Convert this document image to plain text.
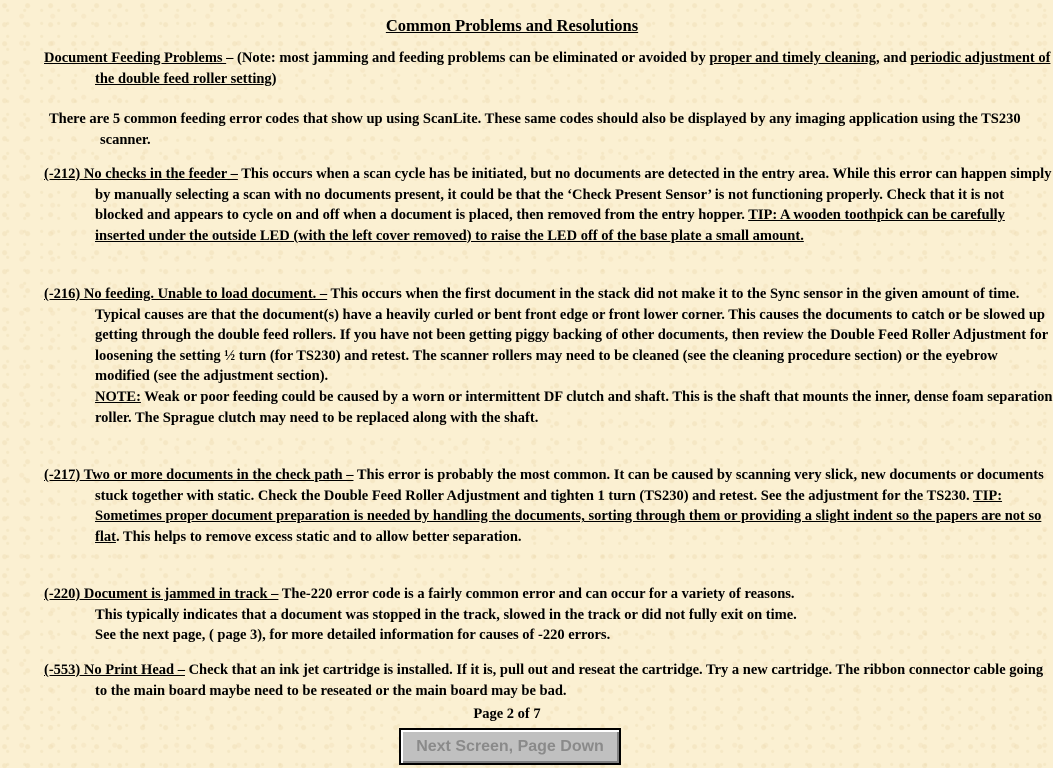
Common Problems and Resolutions
Document Feeding Problems – (Note: most jamming and feeding problems can be eliminated or avoided by proper and timely cleaning, and periodic adjustment of the double feed roller setting)
There are 5 common feeding error codes that show up using ScanLite. These same codes should also be displayed by any imaging application using the TS230 scanner.
(-212) No checks in the feeder – This occurs when a scan cycle has be initiated, but no documents are detected in the entry area. While this error can happen simply by manually selecting a scan with no documents present, it could be that the ‘Check Present Sensor’ is not functioning properly. Check that it is not blocked and appears to cycle on and off when a document is placed, then removed from the entry hopper. TIP: A wooden toothpick can be carefully inserted under the outside LED (with the left cover removed) to raise the LED off of the base plate a small amount.
(-216) No feeding. Unable to load document. – This occurs when the first document in the stack did not make it to the Sync sensor in the given amount of time. Typical causes are that the document(s) have a heavily curled or bent front edge or front lower corner. This causes the documents to catch or be slowed up getting through the double feed rollers. If you have not been getting piggy backing of other documents, then review the Double Feed Roller Adjustment for loosening the setting ½ turn (for TS230) and retest. The scanner rollers may need to be cleaned (see the cleaning procedure section) or the eyebrow modified (see the adjustment section).
NOTE: Weak or poor feeding could be caused by a worn or intermittent DF clutch and shaft. This is the shaft that mounts the inner, dense foam separation roller. The Sprague clutch may need to be replaced along with the shaft.
(-217) Two or more documents in the check path – This error is probably the most common. It can be caused by scanning very slick, new documents or documents stuck together with static. Check the Double Feed Roller Adjustment and tighten 1 turn (TS230) and retest. See the adjustment for the TS230. TIP: Sometimes proper document preparation is needed by handling the documents, sorting through them or providing a slight indent so the papers are not so flat. This helps to remove excess static and to allow better separation.
(-220) Document is jammed in track – The-220 error code is a fairly common error and can occur for a variety of reasons.
This typically indicates that a document was stopped in the track, slowed in the track or did not fully exit on time.
See the next page, ( page 3), for more detailed information for causes of -220 errors.
(-553) No Print Head – Check that an ink jet cartridge is installed. If it is, pull out and reseat the cartridge. Try a new cartridge. The ribbon connector cable going to the main board maybe need to be reseated or the main board may be bad.
Page 2 of 7
Next Screen, Page Down
